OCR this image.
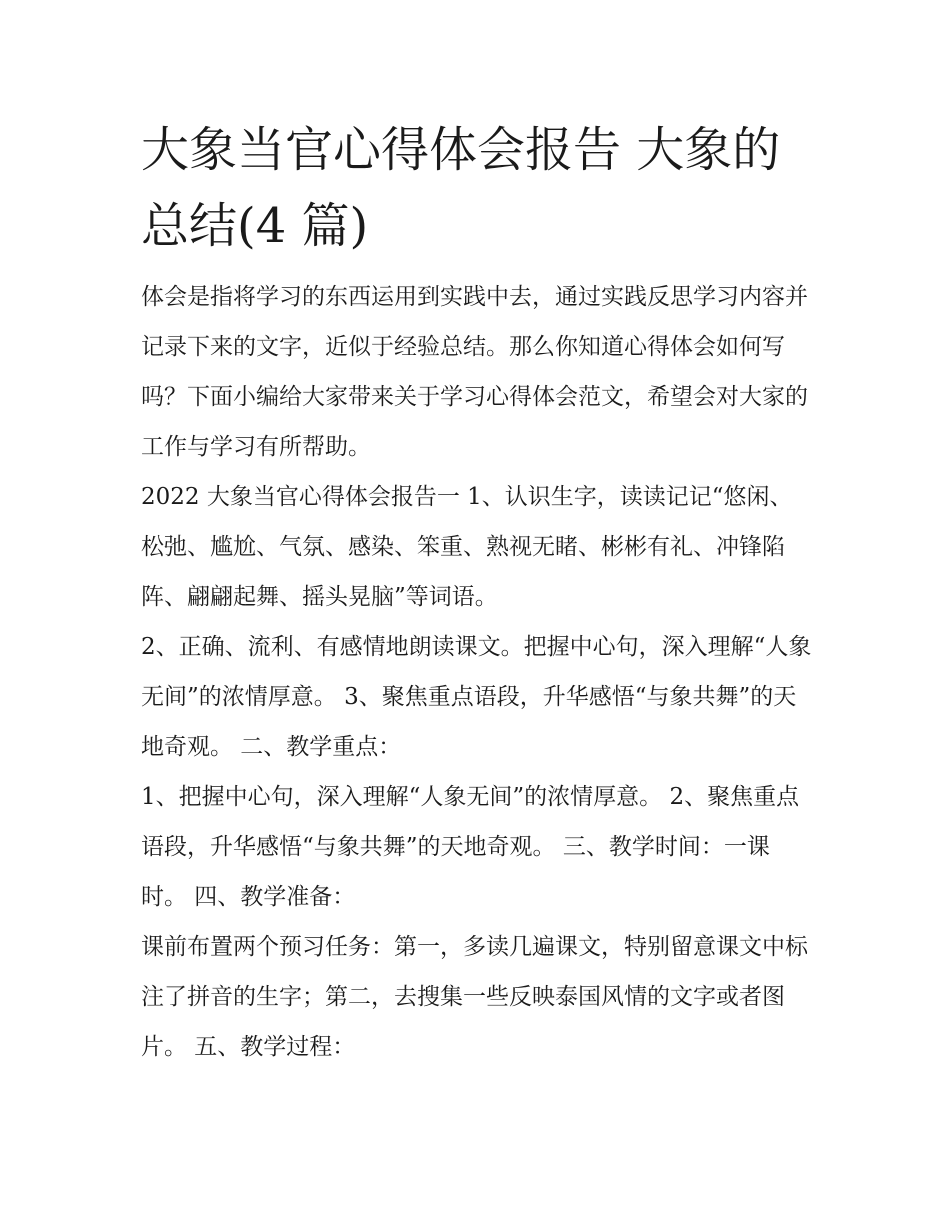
大象当官心得体会报告 大象的总结(4 篇)

体会是指将学习的东西运用到实践中去，通过实践反思学习内容并记录下来的文字，近似于经验总结。那么你知道心得体会如何写吗？下面小编给大家带来关于学习心得体会范文，希望会对大家的工作与学习有所帮助。

2022 大象当官心得体会报告一 1、认识生字，读读记记“悠闲、松弛、尴尬、气氛、感染、笨重、熟视无睹、彬彬有礼、冲锋陷阵、翩翩起舞、摇头晃脑”等词语。

2、正确、流利、有感情地朗读课文。把握中心句，深入理解“人象无间”的浓情厚意。 3、聚焦重点语段，升华感悟“与象共舞”的天地奇观。 二、教学重点：

1、把握中心句，深入理解“人象无间”的浓情厚意。 2、聚焦重点语段，升华感悟“与象共舞”的天地奇观。 三、教学时间：一课时。 四、教学准备：

课前布置两个预习任务：第一，多读几遍课文，特别留意课文中标注了拼音的生字；第二，去搜集一些反映泰国风情的文字或者图片。 五、教学过程：
